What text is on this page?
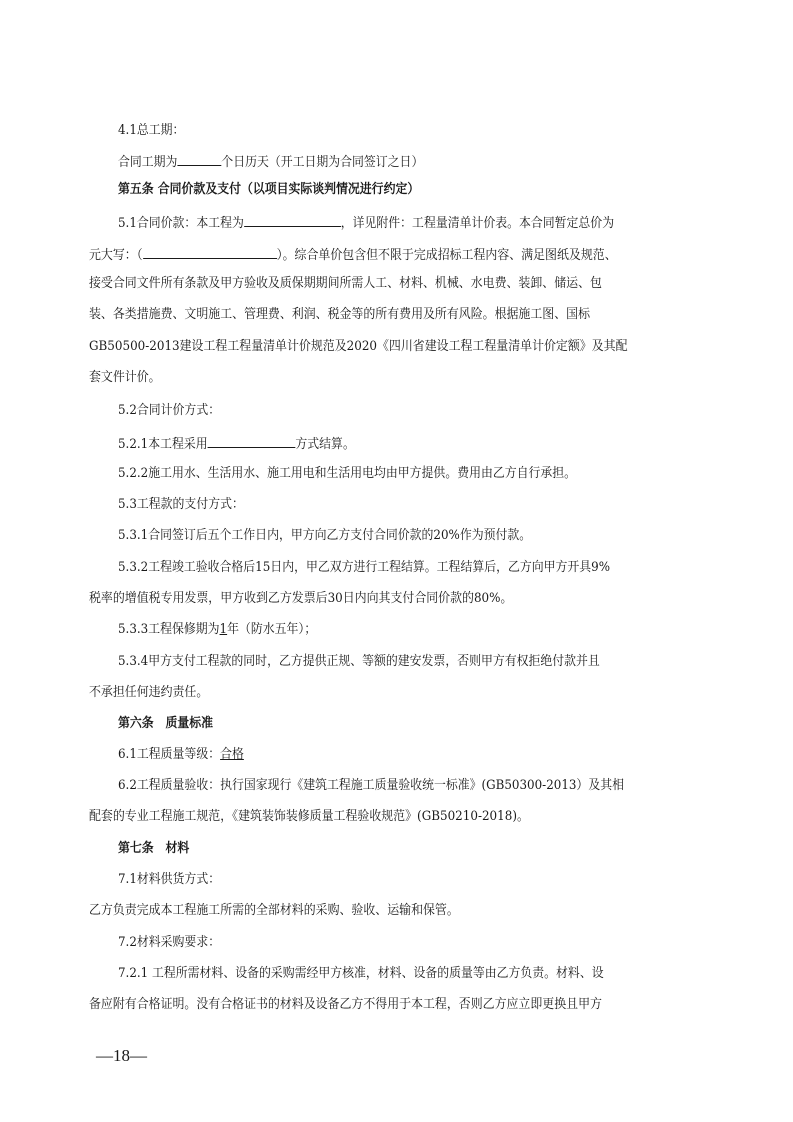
4.1总工期：
合同工期为	个日历天（开工日期为合同签订之日）
第五条 合同价款及支付（以项目实际谈判情况进行约定）
5.1合同价款：本工程为	，详见附件：工程量清单计价表。本合同暂定总价为
元大写：（	）。综合单价包含但不限于完成招标工程内容、满足图纸及规范、
接受合同文件所有条款及甲方验收及质保期期间所需人工、材料、机械、水电费、装卸、储运、包
装、各类措施费、文明施工、管理费、利润、税金等的所有费用及所有风险。根据施工图、国标
GB50500-2013建设工程工程量清单计价规范及2020《四川省建设工程工程量清单计价定额》及其配
套文件计价。
5.2合同计价方式：
5.2.1本工程采用	方式结算。
5.2.2施工用水、生活用水、施工用电和生活用电均由甲方提供。费用由乙方自行承担。
5.3工程款的支付方式：
5.3.1合同签订后五个工作日内，甲方向乙方支付合同价款的20%作为预付款。
5.3.2工程竣工验收合格后15日内，甲乙双方进行工程结算。工程结算后，乙方向甲方开具9%
税率的增值税专用发票，甲方收到乙方发票后30日内向其支付合同价款的80%。
5.3.3工程保修期为1年（防水五年）；
5.3.4甲方支付工程款的同时，乙方提供正规、等额的建安发票，否则甲方有权拒绝付款并且
不承担任何违约责任。
第六条　质量标准
6.1工程质量等级：合格
6.2工程质量验收：执行国家现行《建筑工程施工质量验收统一标准》(GB50300-2013）及其相
配套的专业工程施工规范，《建筑装饰装修质量工程验收规范》(GB50210-2018)。
第七条　材料
7.1材料供货方式：
乙方负责完成本工程施工所需的全部材料的采购、验收、运输和保管。
7.2材料采购要求：
7.2.1 工程所需材料、设备的采购需经甲方核准，材料、设备的质量等由乙方负责。材料、设
备应附有合格证明。没有合格证书的材料及设备乙方不得用于本工程，否则乙方应立即更换且甲方
—18—
